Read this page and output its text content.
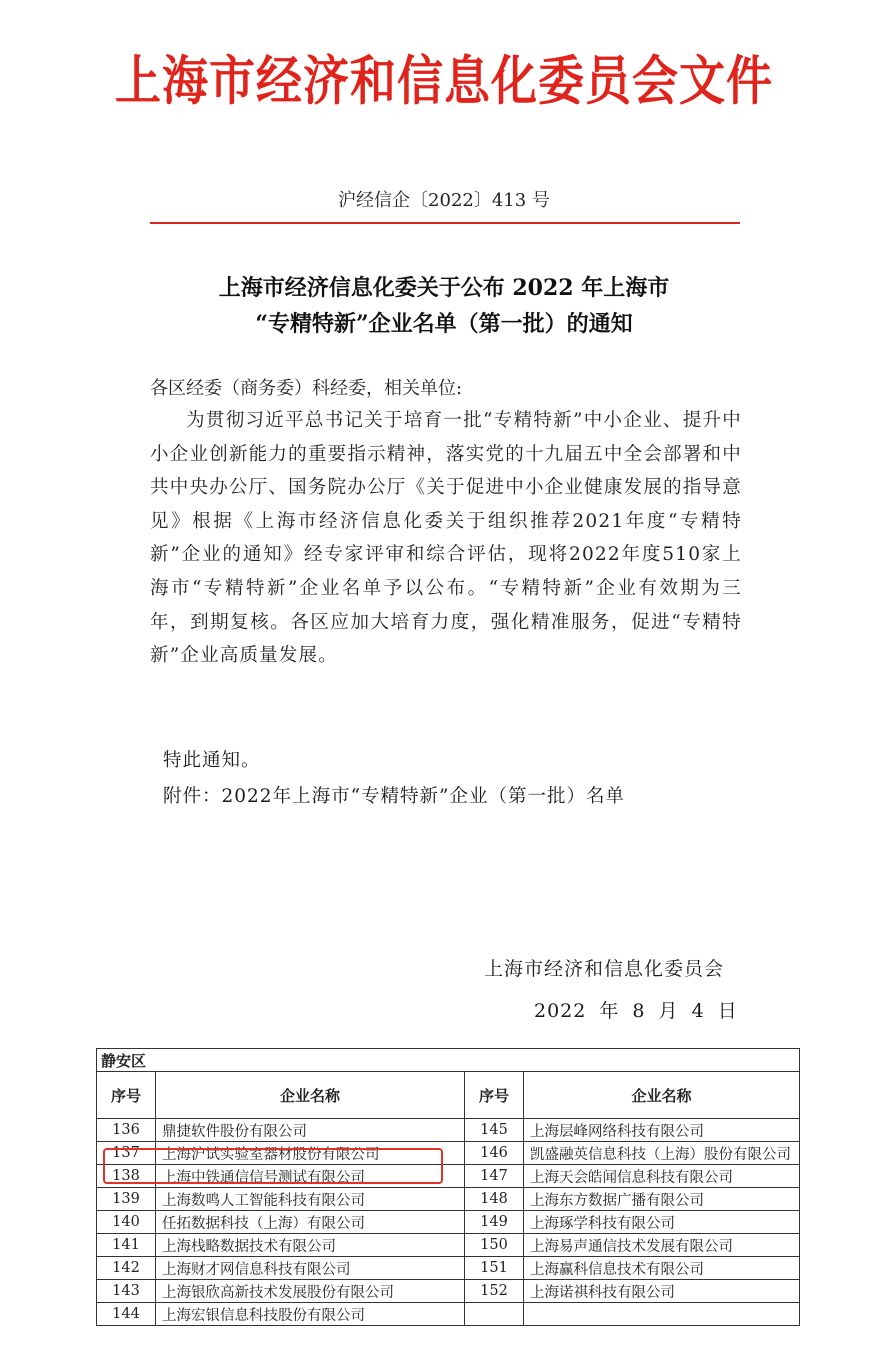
上海市经济和信息化委员会文件
沪经信企〔2022〕413 号
上海市经济信息化委关于公布 2022 年上海市
“专精特新”企业名单（第一批）的通知
各区经委（商务委）科经委，相关单位:
为贯彻习近平总书记关于培育一批“专精特新”中小企业、提升中小企业创新能力的重要指示精神，落实党的十九届五中全会部署和中共中央办公厅、国务院办公厅《关于促进中小企业健康发展的指导意见》根据《上海市经济信息化委关于组织推荐2021年度“专精特新”企业的通知》经专家评审和综合评估，现将2022年度510家上海市“专精特新”企业名单予以公布。“专精特新”企业有效期为三年，到期复核。各区应加大培育力度，强化精准服务，促进“专精特新”企业高质量发展。
特此通知。
附件：2022年上海市“专精特新”企业（第一批）名单
上海市经济和信息化委员会
2022 年 8 月 4 日
静安区			
序号	企业名称	序号	企业名称
136	鼎捷软件股份有限公司	145	上海层峰网络科技有限公司
137	上海沪试实验室器材股份有限公司	146	凯盛融英信息科技（上海）股份有限公司
138	上海中铁通信信号测试有限公司	147	上海天会皓闻信息科技有限公司
139	上海数鸣人工智能科技有限公司	148	上海东方数据广播有限公司
140	任拓数据科技（上海）有限公司	149	上海琢学科技有限公司
141	上海栈略数据技术有限公司	150	上海易声通信技术发展有限公司
142	上海财才网信息科技有限公司	151	上海赢科信息技术有限公司
143	上海银欣高新技术发展股份有限公司	152	上海诺祺科技有限公司
144	上海宏银信息科技股份有限公司		
